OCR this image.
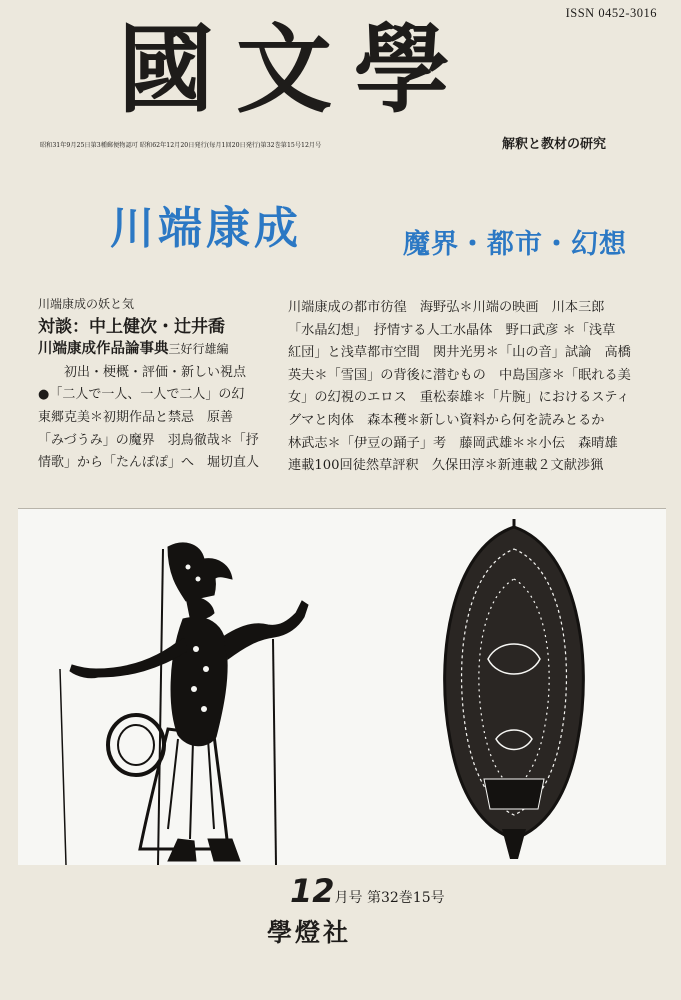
ISSN 0452-3016
國文學
解釈と教材の研究
昭和31年9月25日第3種郵便物認可 昭和62年12月20日発行(毎月1回20日発行)第32巻第15号12月号
川端康成	魔界・都市・幻想
川端康成の妖と気
対談：中上健次・辻井喬
川端康成作品論事典三好行雄編
初出・梗概・評価・新しい視点
●「二人で一人、一人で二人」の幻
東郷克美＊初期作品と禁忌　原善
「みづうみ」の魔界　羽鳥徹哉＊「抒
情歌」から「たんぽぽ」へ　堀切直人
川端康成の都市彷徨　海野弘＊川端の映画　川本三郎
「水晶幻想」　抒情する人工水晶体　野口武彦 ＊「浅草
紅団」と浅草都市空間　関井光男＊「山の音」試論　高橋
英夫＊「雪国」の背後に潜むもの　中島国彦＊「眠れる美
女」の幻視のエロス　重松泰雄＊「片腕」におけるスティ
グマと肉体　森本穫＊新しい資料から何を読みとるか
林武志＊「伊豆の踊子」考　藤岡武雄＊＊小伝　森晴雄
連載100回徒然草評釈　久保田淳＊新連載２文献渉猟
12月号 第32巻15号
學燈社
